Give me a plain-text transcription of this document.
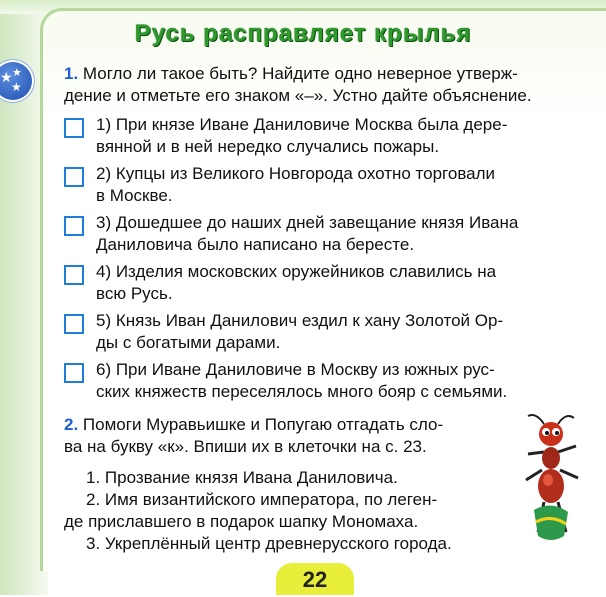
Русь расправляет крылья
★ ★
★
1. Могло ли такое быть? Найдите одно неверное утверж-
дение и отметьте его знаком «–». Устно дайте объяснение.
1) При князе Иване Даниловиче Москва была дере-
вянной и в ней нередко случались пожары.
2) Купцы из Великого Новгорода охотно торговали
в Москве.
3) Дошедшее до наших дней завещание князя Ивана
Даниловича было написано на бересте.
4) Изделия московских оружейников славились на
всю Русь.
5) Князь Иван Данилович ездил к хану Золотой Ор-
ды с богатыми дарами.
6) При Иване Даниловиче в Москву из южных рус-
ских княжеств переселялось много бояр с семьями.
2. Помоги Муравьишке и Попугаю отгадать сло-
ва на букву «к». Впиши их в клеточки на с. 23.
1. Прозвание князя Ивана Даниловича.
2. Имя византийского императора, по леген-
де приславшего в подарок шапку Мономаха.
3. Укреплённый центр древнерусского города.
22
